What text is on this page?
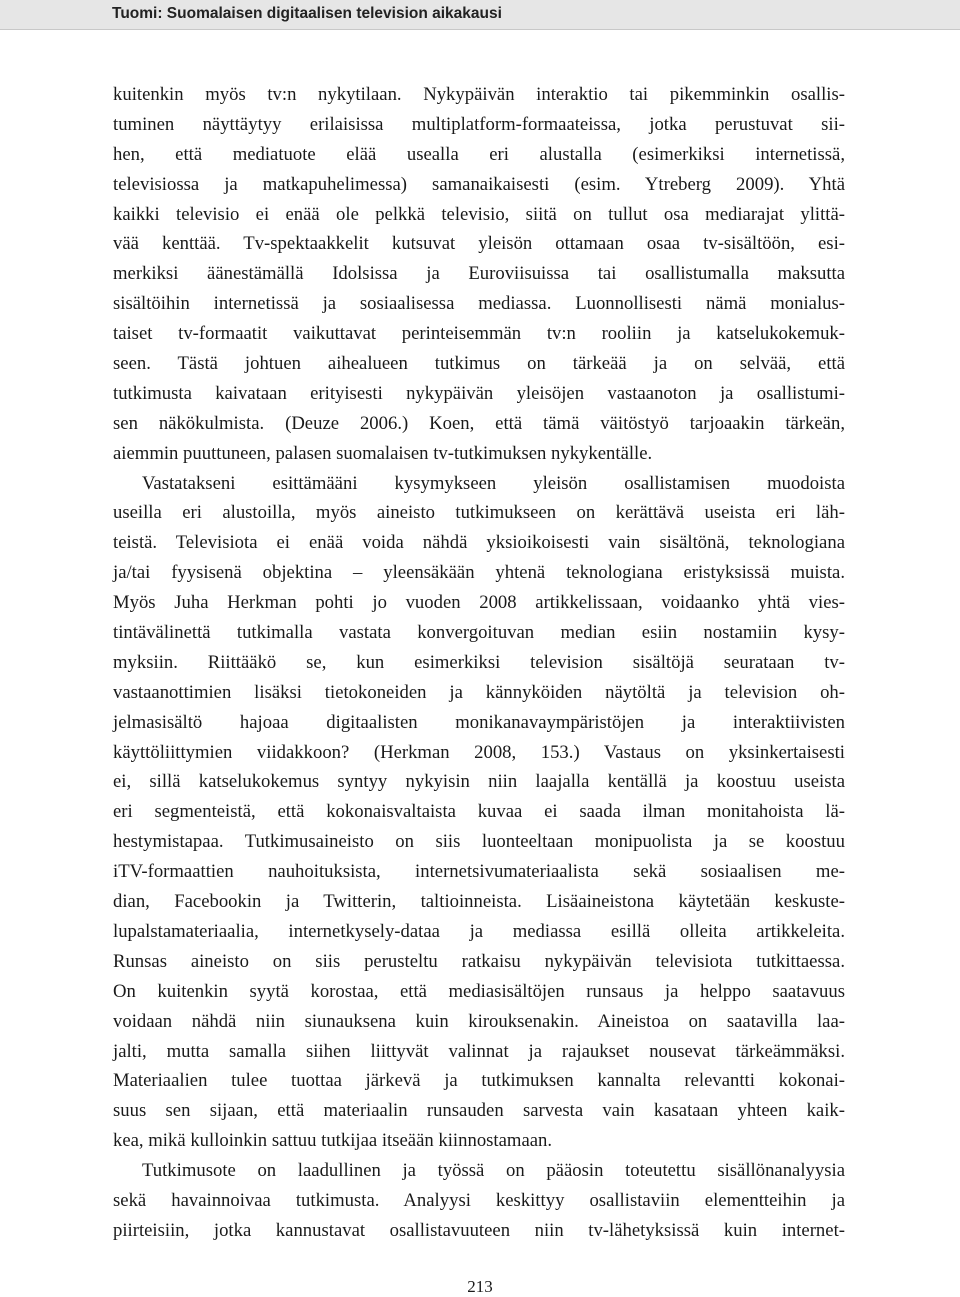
Tuomi: Suomalaisen digitaalisen television aikakausi
kuitenkin myös tv:n nykytilaan. Nykypäivän interaktio tai pikemminkin osallis-
tuminen näyttäytyy erilaisissa multiplatform-formaateissa, jotka perustuvat sii-
hen, että mediatuote elää usealla eri alustalla (esimerkiksi internetissä,
televisiossa ja matkapuhelimessa) samanaikaisesti (esim. Ytreberg 2009). Yhtä
kaikki televisio ei enää ole pelkkä televisio, siitä on tullut osa mediarajat ylittä-
vää kenttää. Tv-spektaakkelit kutsuvat yleisön ottamaan osaa tv-sisältöön, esi-
merkiksi äänestämällä Idolsissa ja Euroviisuissa tai osallistumalla maksutta
sisältöihin internetissä ja sosiaalisessa mediassa. Luonnollisesti nämä monialus-
taiset tv-formaatit vaikuttavat perinteisemmän tv:n rooliin ja katselukokemuk-
seen. Tästä johtuen aihealueen tutkimus on tärkeää ja on selvää, että
tutkimusta kaivataan erityisesti nykypäivän yleisöjen vastaanoton ja osallistumi-
sen näkökulmista. (Deuze 2006.) Koen, että tämä väitöstyö tarjoaakin tärkeän,
aiemmin puuttuneen, palasen suomalaisen tv-tutkimuksen nykykentälle.
Vastatakseni esittämääni kysymykseen yleisön osallistamisen muodoista
useilla eri alustoilla, myös aineisto tutkimukseen on kerättävä useista eri läh-
teistä. Televisiota ei enää voida nähdä yksioikoisesti vain sisältönä, teknologiana
ja/tai fyysisenä objektina – yleensäkään yhtenä teknologiana eristyksissä muista.
Myös Juha Herkman pohti jo vuoden 2008 artikkelissaan, voidaanko yhtä vies-
tintävälinettä tutkimalla vastata konvergoituvan median esiin nostamiin kysy-
myksiin. Riittääkö se, kun esimerkiksi television sisältöjä seurataan tv-
vastaanottimien lisäksi tietokoneiden ja kännyköiden näytöltä ja television oh-
jelmasisältö hajoaa digitaalisten monikanavaympäristöjen ja interaktiivisten
käyttöliittymien viidakkoon? (Herkman 2008, 153.) Vastaus on yksinkertaisesti
ei, sillä katselukokemus syntyy nykyisin niin laajalla kentällä ja koostuu useista
eri segmenteistä, että kokonaisvaltaista kuvaa ei saada ilman monitahoista lä-
hestymistapaa. Tutkimusaineisto on siis luonteeltaan monipuolista ja se koostuu
iTV-formaattien nauhoituksista, internetsivumateriaalista sekä sosiaalisen me-
dian, Facebookin ja Twitterin, taltioinneista. Lisäaineistona käytetään keskuste-
lupalstamateriaalia, internetkysely-dataa ja mediassa esillä olleita artikkeleita.
Runsas aineisto on siis perusteltu ratkaisu nykypäivän televisiota tutkittaessa.
On kuitenkin syytä korostaa, että mediasisältöjen runsaus ja helppo saatavuus
voidaan nähdä niin siunauksena kuin kirouksenakin. Aineistoa on saatavilla laa-
jalti, mutta samalla siihen liittyvät valinnat ja rajaukset nousevat tärkeämmäksi.
Materiaalien tulee tuottaa järkevä ja tutkimuksen kannalta relevantti kokonai-
suus sen sijaan, että materiaalin runsauden sarvesta vain kasataan yhteen kaik-
kea, mikä kulloinkin sattuu tutkijaa itseään kiinnostamaan.
Tutkimusote on laadullinen ja työssä on pääosin toteutettu sisällönanalyysia
sekä havainnoivaa tutkimusta. Analyysi keskittyy osallistaviin elementteihin ja
piirteisiin, jotka kannustavat osallistavuuteen niin tv-lähetyksissä kuin internet-
213
